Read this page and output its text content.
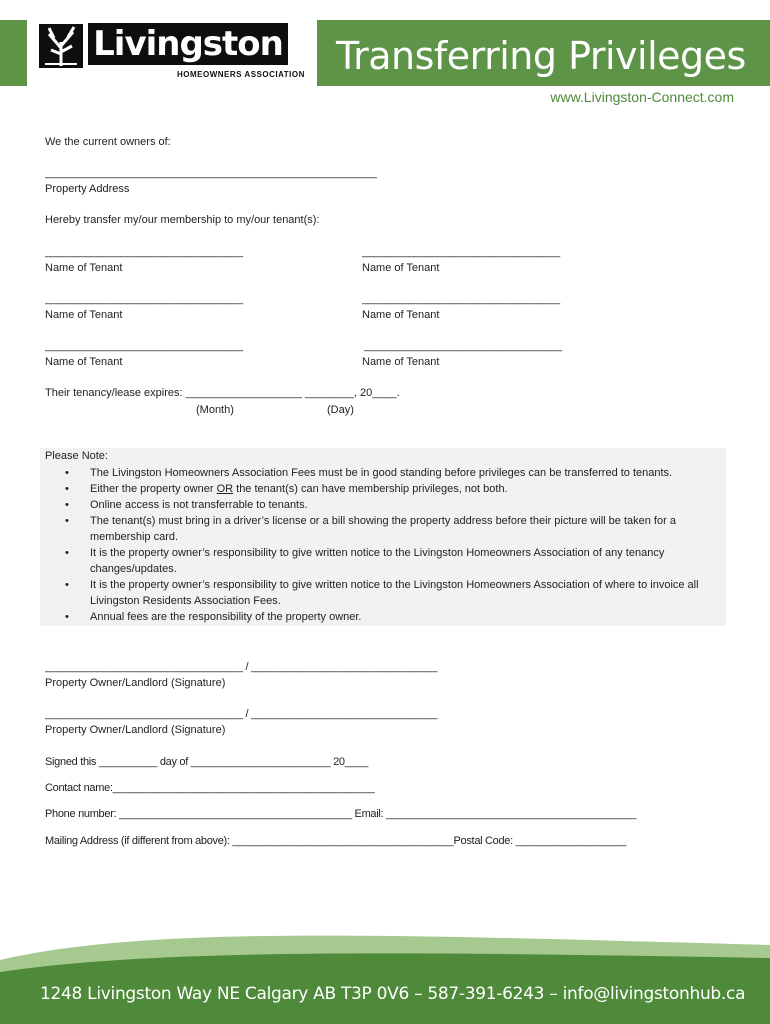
Livingston
HOMEOWNERS ASSOCIATION Transferring Privileges
www.Livingston-Connect.com
We the current owners of:
_________________________________________________________
Property Address
Hereby transfer my/our membership to my/our tenant(s):
__________________________________	__________________________________
Name of Tenant	Name of Tenant
__________________________________	__________________________________
Name of Tenant	Name of Tenant
__________________________________	__________________________________
Name of Tenant	Name of Tenant
Their tenancy/lease expires: ___________________ ________, 20____.
(Month)	(Day)
Please Note:
• The Livingston Homeowners Association Fees must be in good standing before privileges can be transferred to tenants.
• Either the property owner OR the tenant(s) can have membership privileges, not both.
• Online access is not transferrable to tenants.
• The tenant(s) must bring in a driver’s license or a bill showing the property address before their picture will be taken for a membership card.
• It is the property owner’s responsibility to give written notice to the Livingston Homeowners Association of any tenancy changes/updates.
• It is the property owner’s responsibility to give written notice to the Livingston Homeowners Association of where to invoice all Livingston Residents Association Fees.
• Annual fees are the responsibility of the property owner.
__________________________________ / ________________________________
Property Owner/Landlord (Signature)
__________________________________ / ________________________________
Property Owner/Landlord (Signature)
Signed this __________ day of ________________________ 20____
Contact name:_____________________________________________
Phone number: ________________________________________ Email: ___________________________________________
Mailing Address (if different from above): ______________________________________Postal Code: ___________________
1248 Livingston Way NE Calgary AB T3P 0V6 – 587-391-6243 – info@livingstonhub.ca
